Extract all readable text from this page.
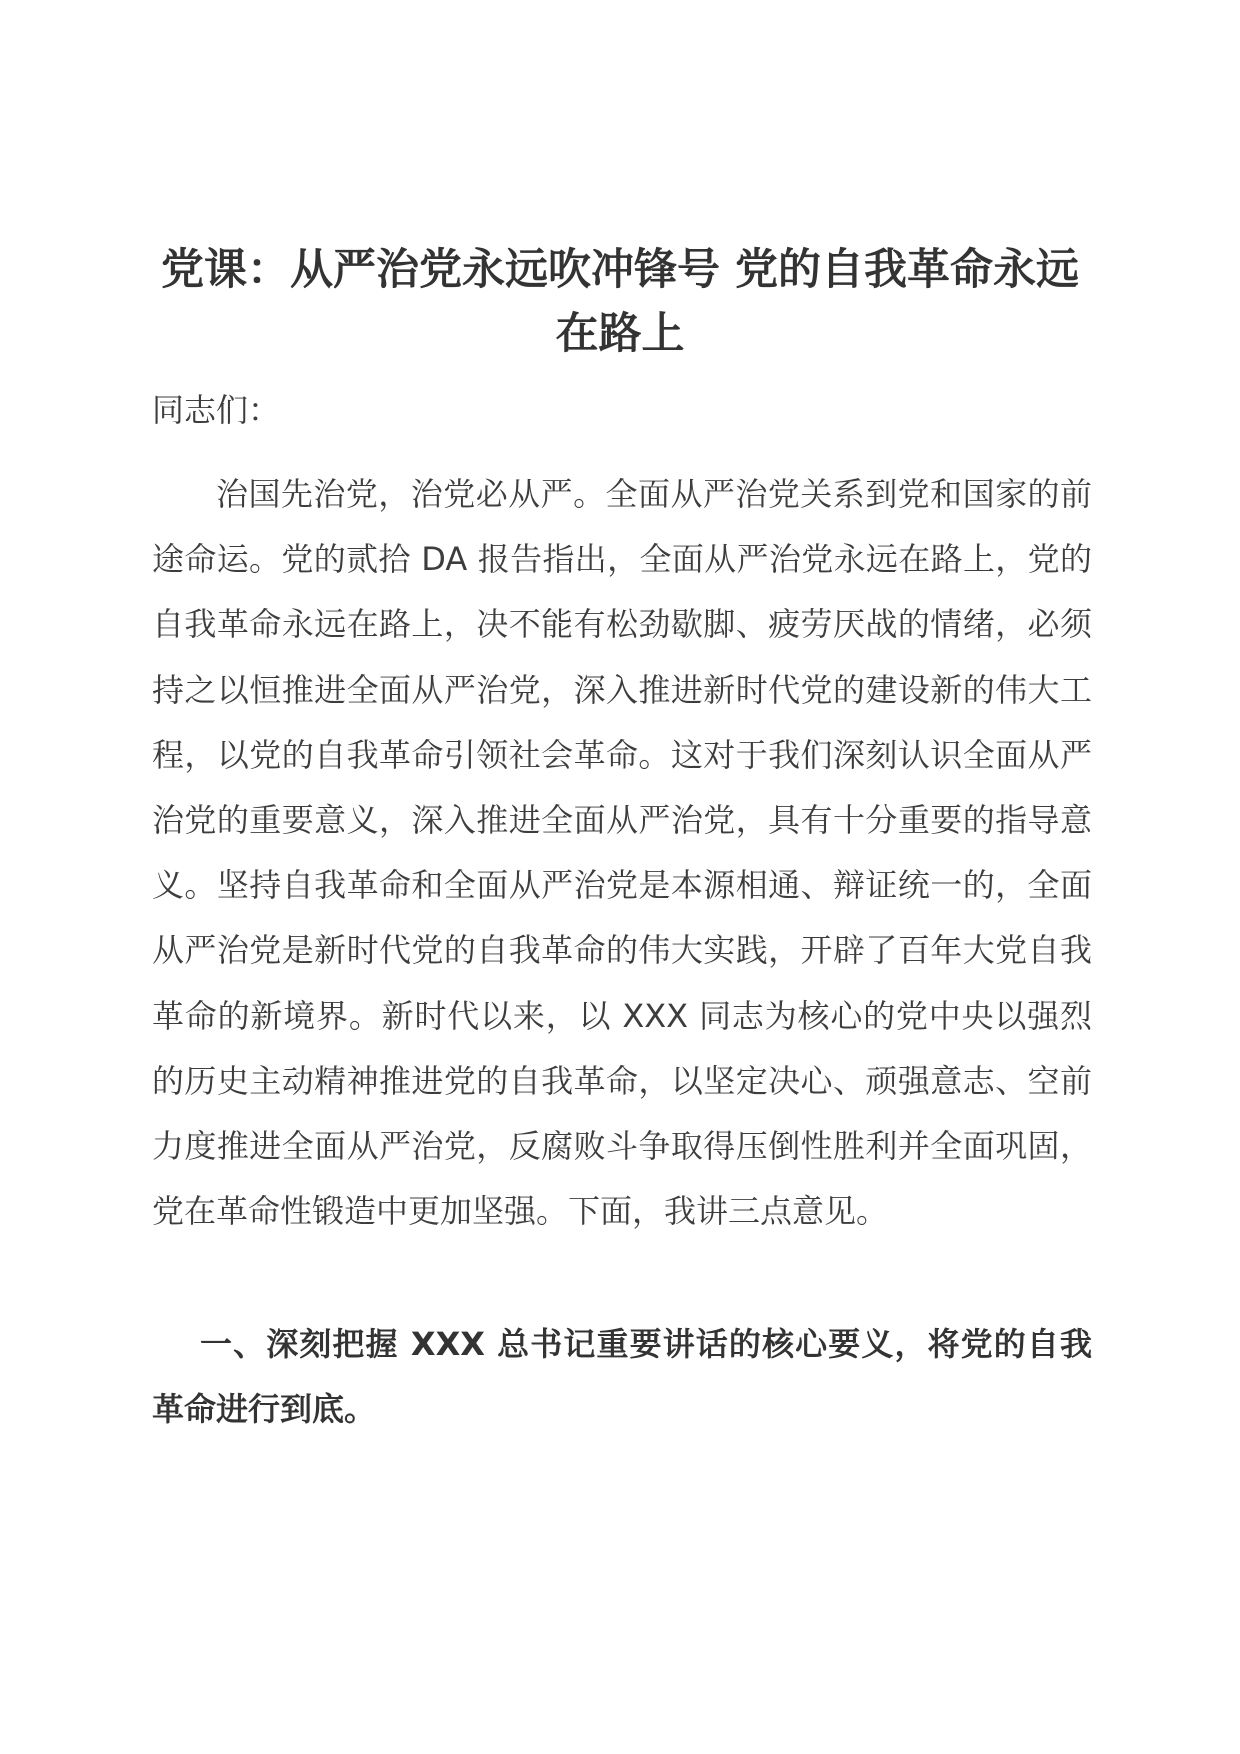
党课：从严治党永远吹冲锋号 党的自我革命永远在路上

同志们：

治国先治党，治党必从严。全面从严治党关系到党和国家的前途命运。党的贰拾 DA 报告指出，全面从严治党永远在路上，党的自我革命永远在路上，决不能有松劲歇脚、疲劳厌战的情绪，必须持之以恒推进全面从严治党，深入推进新时代党的建设新的伟大工程，以党的自我革命引领社会革命。这对于我们深刻认识全面从严治党的重要意义，深入推进全面从严治党，具有十分重要的指导意义。坚持自我革命和全面从严治党是本源相通、辩证统一的，全面从严治党是新时代党的自我革命的伟大实践，开辟了百年大党自我革命的新境界。新时代以来，以 XXX 同志为核心的党中央以强烈的历史主动精神推进党的自我革命，以坚定决心、顽强意志、空前力度推进全面从严治党，反腐败斗争取得压倒性胜利并全面巩固，党在革命性锻造中更加坚强。下面，我讲三点意见。

一、深刻把握 XXX 总书记重要讲话的核心要义，将党的自我革命进行到底。
